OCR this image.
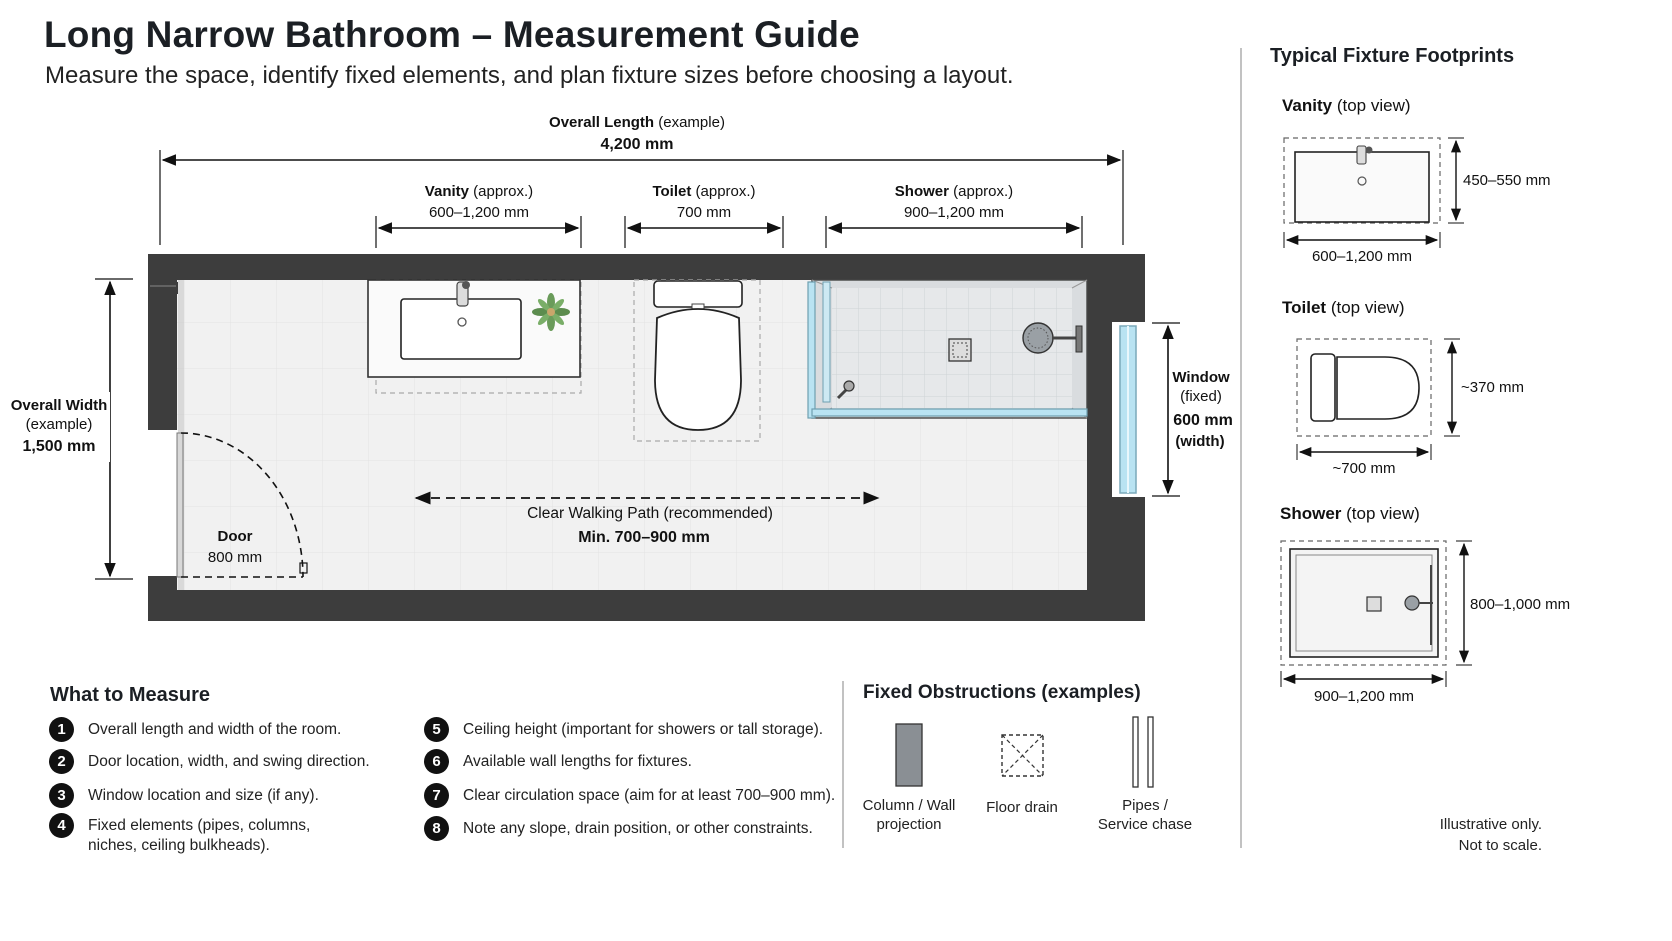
Long Narrow Bathroom – Measurement Guide
Measure the space, identify fixed elements, and plan fixture sizes before choosing a layout.
Overall Length (example)
4,200 mm
Vanity (approx.)
600–1,200 mm
Toilet (approx.)
700 mm
Shower (approx.)
900–1,200 mm
Overall Width
(example)
1,500 mm
Door
800 mm
Clear Walking Path (recommended)
Min. 700–900 mm
Window
(fixed)
600 mm
(width)
600–1,200 mm
450–550 mm
~700 mm
~370 mm
900–1,200 mm
800–1,000 mm
What to Measure
1	Overall length and width of the room.
2	Door location, width, and swing direction.
3	Window location and size (if any).
4	Fixed elements (pipes, columns, niches, ceiling bulkheads).
5	Ceiling height (important for showers or tall storage).
6	Available wall lengths for fixtures.
7	Clear circulation space (aim for at least 700–900 mm).
8	Note any slope, drain position, or other constraints.
Fixed Obstructions (examples)
Column / Wall projection
Floor drain	Pipes / Service chase
Typical Fixture Footprints
Vanity (top view)
Toilet (top view)
Shower (top view)
Illustrative only.
Not to scale.
